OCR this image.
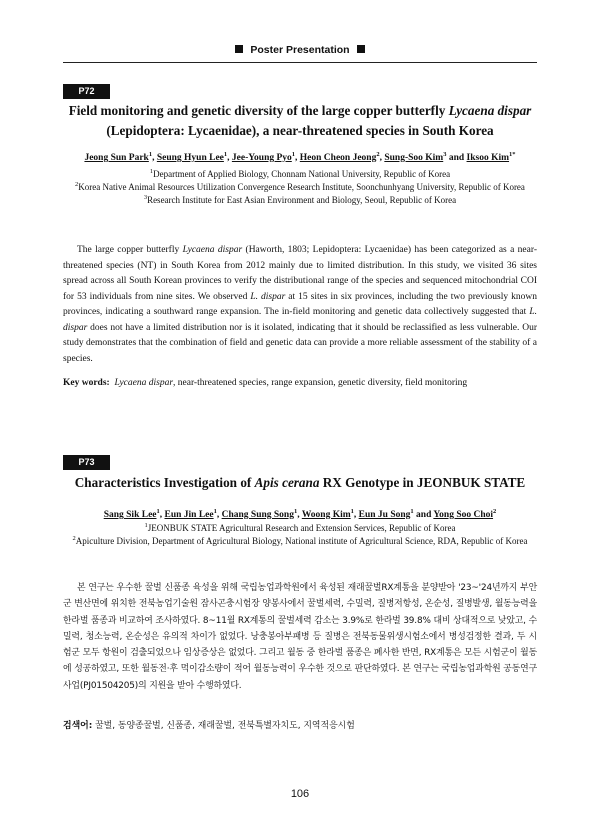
Poster Presentation
P72
Field monitoring and genetic diversity of the large copper butterfly Lycaena dispar
(Lepidoptera: Lycaenidae), a near-threatened species in South Korea
Jeong Sun Park$^1$, Seung Hyun Lee$^1$, Jee-Young Pyo$^1$, Heon Cheon Jeong$^2$, Sung-Soo Kim$^3$ and Iksoo Kim$^{1*}$
$^1$Department of Applied Biology, Chonnam National University, Republic of Korea
$^2$Korea Native Animal Resources Utilization Convergence Research Institute, Soonchunhyang University, Republic of Korea
$^3$Research Institute for East Asian Environment and Biology, Seoul, Republic of Korea

The large copper butterfly Lycaena dispar (Haworth, 1803; Lepidoptera: Lycaenidae) has been categorized as a near-threatened species (NT) in South Korea from 2012 mainly due to limited distribution. In this study, we visited 36 sites spread across all South Korean provinces to verify the distributional range of the species and sequenced mitochondrial COI for 53 individuals from nine sites. We observed L. dispar at 15 sites in six provinces, including the two previously known provinces, indicating a southward range expansion. The in-field monitoring and genetic data collectively suggested that L. dispar does not have a limited distribution nor is it isolated, indicating that it should be reclassified as less vulnerable. Our study demonstrates that the combination of field and genetic data can provide a more reliable assessment of the stability of a species.

Key words: Lycaena dispar, near-threatened species, range expansion, genetic diversity, field monitoring
P73
Characteristics Investigation of Apis cerana RX Genotype in JEONBUK STATE
Sang Sik Lee$^1$, Eun Jin Lee$^1$, Chang Sung Song$^1$, Woong Kim$^1$, Eun Ju Song$^1$ and Yong Soo Choi$^2$
$^1$JEONBUK STATE Agricultural Research and Extension Services, Republic of Korea
$^2$Apiculture Division, Department of Agricultural Biology, National institute of Agricultural Science, RDA, Republic of Korea

본 연구는 우수한 꿀벌 신품종 육성을 위해 국립농업과학원에서 육성된 재래꿀벌RX계통을 분양받아 '23~'24년까지 부안군 변산면에 위치한 전북농업기술원 잠사곤충시험장 양봉사에서 꿀벌세력, 수밀력, 질병저항성, 온순성, 질병발생, 월동능력을 한라벌 품종과 비교하여 조사하였다. 8~11월 RX계통의 꿀벌세력 감소는 3.9%로 한라벌 39.8% 대비 상대적으로 낮았고, 수밀력, 청소능력, 온순성은 유의적 차이가 없었다. 낭충봉아부패병 등 질병은 전북동물위생시험소에서 병성검정한 결과, 두 시험군 모두 항원이 검출되었으나 임상증상은 없었다. 그리고 월동 중 한라벌 품종은 폐사한 반면, RX계통은 모든 시험군이 월동에 성공하였고, 또한 월동전·후 먹이감소량이 적어 월동능력이 우수한 것으로 판단하였다. 본 연구는 국립농업과학원 공동연구사업(PJ01504205)의 지원을 받아 수행하였다.

검색어: 꿀벌, 동양종꿀벌, 신품종, 재래꿀벌, 전북특별자치도, 지역적응시험
106
